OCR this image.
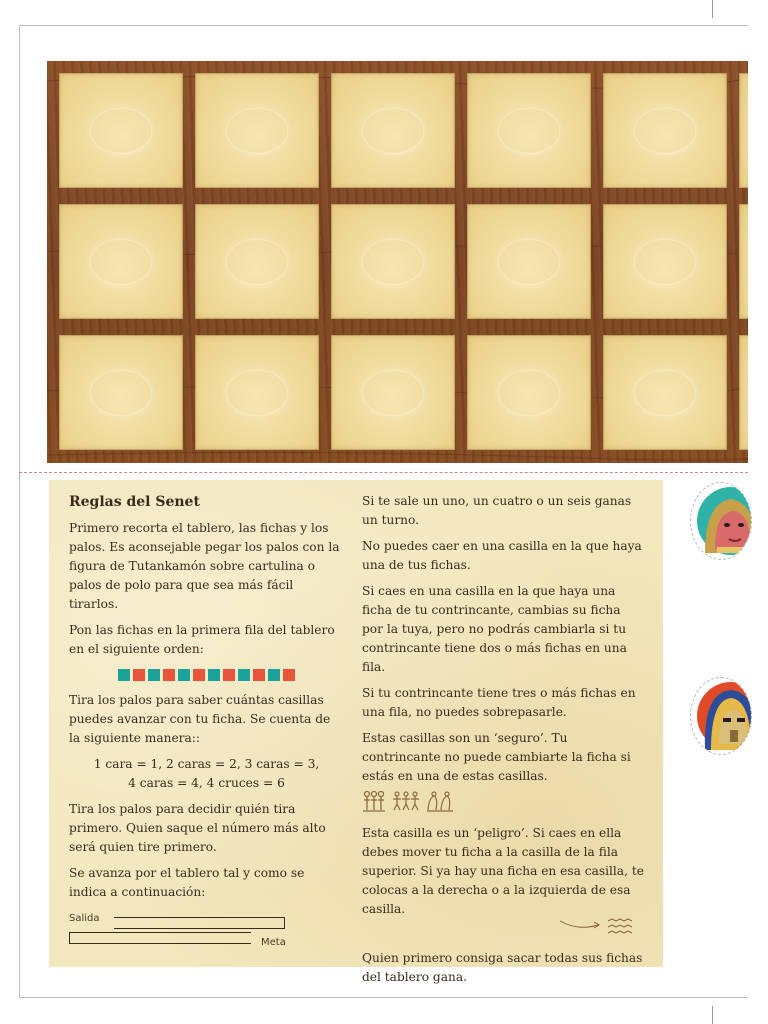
Reglas del Senet

Primero recorta el tablero, las fichas y los palos. Es aconsejable pegar los palos con la figura de Tutankamón sobre cartulina o palos de polo para que sea más fácil tirarlos.

Pon las fichas en la primera fila del tablero en el siguiente orden:

Tira los palos para saber cuántas casillas puedes avanzar con tu ficha. Se cuenta de la siguiente manera::

1 cara = 1, 2 caras = 2, 3 caras = 3,

4 caras = 4, 4 cruces = 6

Tira los palos para decidir quién tira primero. Quien saque el número más alto será quien tire primero.

Se avanza por el tablero tal y como se indica a continuación:

Salida
Meta

Si te sale un uno, un cuatro o un seis ganas un turno.

No puedes caer en una casilla en la que haya una de tus fichas.

Si caes en una casilla en la que haya una ficha de tu contrincante, cambias su ficha por la tuya, pero no podrás cambiarla si tu contrincante tiene dos o más fichas en una fila.

Si tu contrincante tiene tres o más fichas en una fila, no puedes sobrepasarle.

Estas casillas son un ‘seguro’. Tu contrincante no puede cambiarte la ficha si estás en una de estas casillas.

Esta casilla es un ‘peligro’. Si caes en ella debes mover tu ficha a la casilla de la fila superior. Si ya hay una ficha en esa casilla, te colocas a la derecha o a la izquierda de esa casilla.

Quien primero consiga sacar todas sus fichas del tablero gana.
